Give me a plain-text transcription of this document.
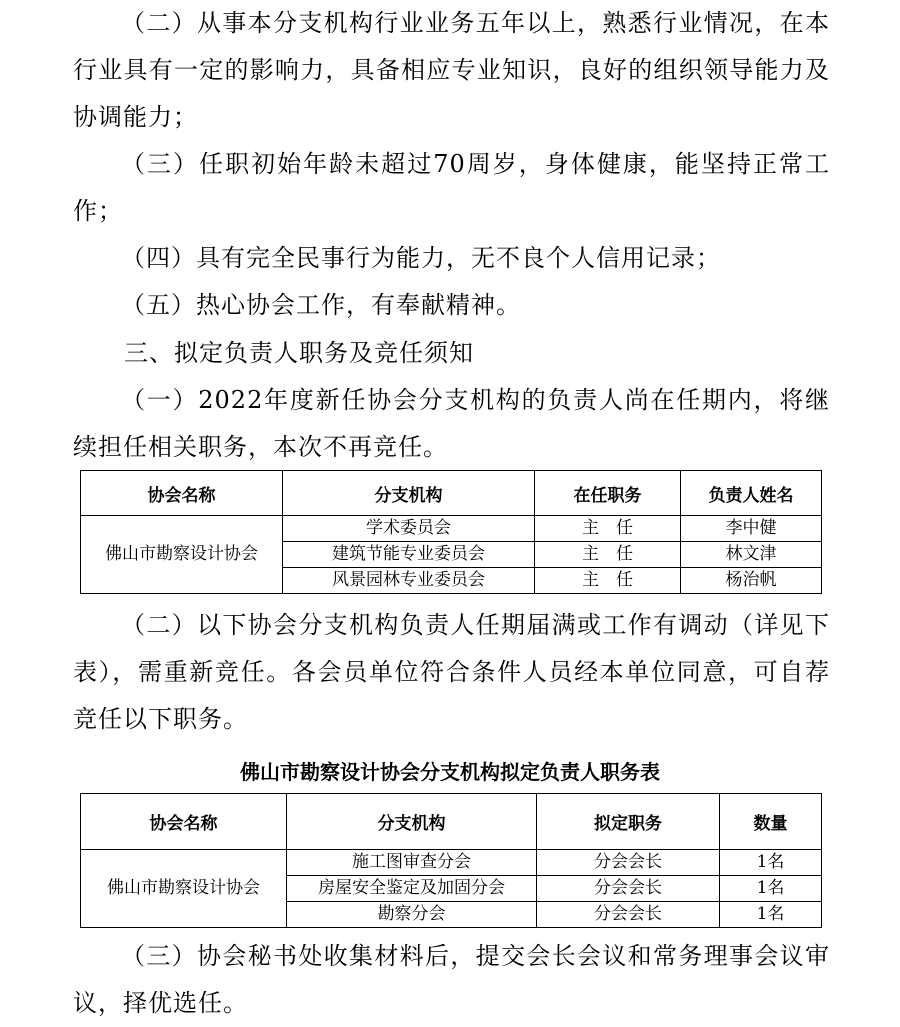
（二）从事本分支机构行业业务五年以上，熟悉行业情况，在本行业具有一定的影响力，具备相应专业知识，良好的组织领导能力及协调能力；

（三）任职初始年龄未超过70周岁，身体健康，能坚持正常工作；

（四）具有完全民事行为能力，无不良个人信用记录；

（五）热心协会工作，有奉献精神。

三、拟定负责人职务及竞任须知

（一）2022年度新任协会分支机构的负责人尚在任期内，将继续担任相关职务，本次不再竞任。

协会名称	分支机构	在任职务	负责人姓名
佛山市勘察设计协会	学术委员会	主　任	李中健
	建筑节能专业委员会	主　任	林文津
	风景园林专业委员会	主　任	杨治帆

（二）以下协会分支机构负责人任期届满或工作有调动（详见下表），需重新竞任。各会员单位符合条件人员经本单位同意，可自荐竞任以下职务。

佛山市勘察设计协会分支机构拟定负责人职务表

协会名称	分支机构	拟定职务	数量
佛山市勘察设计协会	施工图审查分会	分会会长	1名
	房屋安全鉴定及加固分会	分会会长	1名
	勘察分会	分会会长	1名

（三）协会秘书处收集材料后，提交会长会议和常务理事会议审议，择优选任。
